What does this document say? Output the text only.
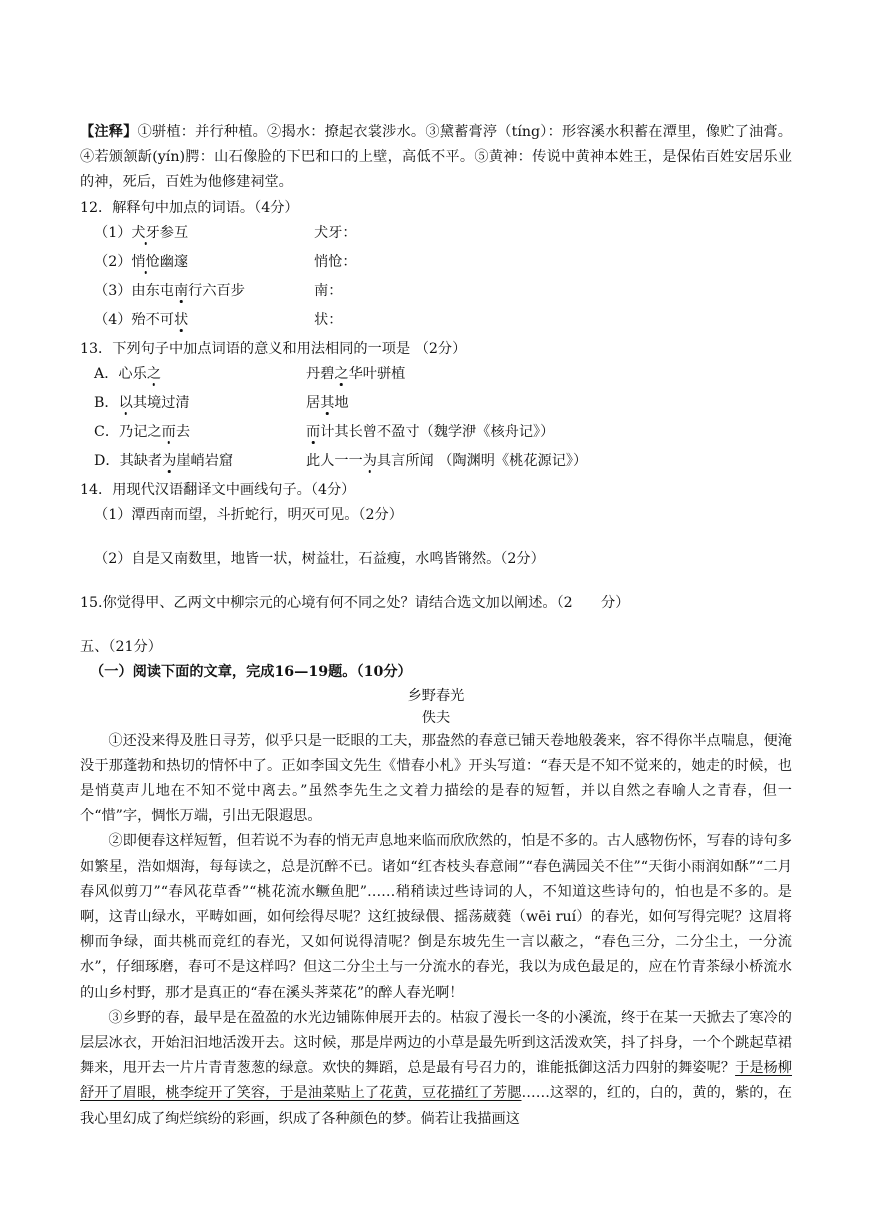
【注释】①骈植：并行种植。②揭水：撩起衣裳涉水。③黛蓄膏渟（tíng）：形容溪水积蓄在潭里，像贮了油膏。④若颁颔龂(yín)腭：山石像脸的下巴和口的上壁，高低不平。⑤黄神：传说中黄神本姓王，是保佑百姓安居乐业的神，死后，百姓为他修建祠堂。
12．解释句中加点的词语。（4分）
（1）犬牙参互	犬牙：
（2）悄怆幽邃	悄怆：
（3）由东屯南行六百步	南：
（4）殆不可状	状：
13．下列句子中加点词语的意义和用法相同的一项是 （2分）
A．心乐之	丹碧之华叶骈植
B．以其境过清	居其地
C．乃记之而去	而计其长曾不盈寸（魏学洢《核舟记》）
D．其缺者为崖峭岩窟	此人一一为具言所闻 （陶渊明《桃花源记》）
14．用现代汉语翻译文中画线句子。（4分）
（1）潭西南而望，斗折蛇行，明灭可见。（2分）
（2）自是又南数里，地皆一状，树益壮，石益瘦，水鸣皆锵然。（2分）
15.你觉得甲、乙两文中柳宗元的心境有何不同之处？请结合选文加以阐述。（2　　分）
五、（21分）
（一）阅读下面的文章，完成16—19题。（10分）
乡野春光
佚夫
①还没来得及胜日寻芳，似乎只是一眨眼的工夫，那盎然的春意已铺天卷地般袭来，容不得你半点喘息，便淹没于那蓬勃和热切的情怀中了。正如李国文先生《惜春小札》开头写道：“春天是不知不觉来的，她走的时候，也是悄莫声儿地在不知不觉中离去。”虽然李先生之文着力描绘的是春的短暂，并以自然之春喻人之青春，但一个“惜”字，惆怅万端，引出无限遐思。
②即便春这样短暂，但若说不为春的悄无声息地来临而欣欣然的，怕是不多的。古人感物伤怀，写春的诗句多如繁星，浩如烟海，每每读之，总是沉醉不已。诸如“红杏枝头春意闹”“春色满园关不住”“天街小雨润如酥”“二月春风似剪刀”“春风花草香”“桃花流水鳜鱼肥”……稍稍读过些诗词的人，不知道这些诗句的，怕也是不多的。是啊，这青山绿水，平畴如画，如何绘得尽呢？这红披绿偎、摇荡葳蕤（wēi ruí）的春光，如何写得完呢？这眉将柳而争绿，面共桃而竞红的春光，又如何说得清呢？倒是东坡先生一言以蔽之，“春色三分，二分尘土，一分流水”，仔细琢磨，春可不是这样吗？但这二分尘土与一分流水的春光，我以为成色最足的，应在竹青茶绿小桥流水的山乡村野，那才是真正的“春在溪头荠菜花”的醉人春光啊！
③乡野的春，最早是在盈盈的水光边铺陈伸展开去的。枯寂了漫长一冬的小溪流，终于在某一天掀去了寒冷的层层冰衣，开始汩汩地活泼开去。这时候，那是岸两边的小草是最先听到这活泼欢笑，抖了抖身，一个个跳起草裙舞来，甩开去一片片青青葱葱的绿意。欢快的舞蹈，总是最有号召力的，谁能抵御这活力四射的舞姿呢？于是杨柳舒开了眉眼，桃李绽开了笑容，于是油菜贴上了花黄，豆花描红了芳腮……这翠的，红的，白的，黄的，紫的，在我心里幻成了绚烂缤纷的彩画，织成了各种颜色的梦。倘若让我描画这
